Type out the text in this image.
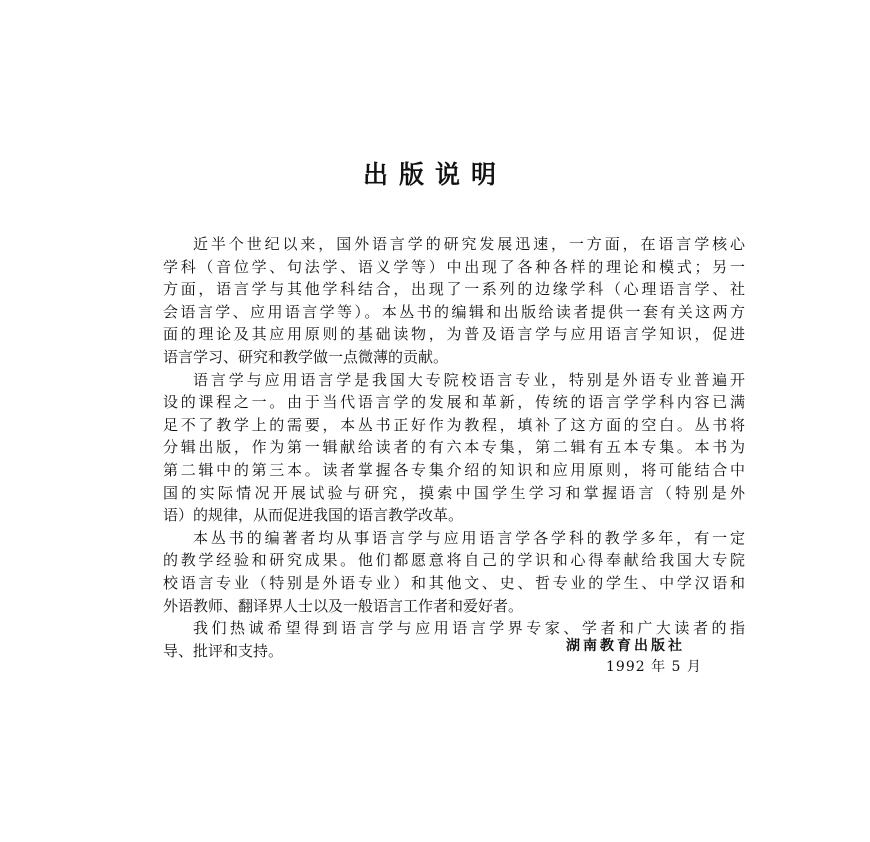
出版说明
近半个世纪以来，国外语言学的研究发展迅速，一方面，在语言学核心
学科（音位学、句法学、语义学等）中出现了各种各样的理论和模式；另一
方面，语言学与其他学科结合，出现了一系列的边缘学科（心理语言学、社
会语言学、应用语言学等）。本丛书的编辑和出版给读者提供一套有关这两方
面的理论及其应用原则的基础读物，为普及语言学与应用语言学知识，促进
语言学习、研究和教学做一点微薄的贡献。
语言学与应用语言学是我国大专院校语言专业，特别是外语专业普遍开
设的课程之一。由于当代语言学的发展和革新，传统的语言学学科内容已满
足不了教学上的需要，本丛书正好作为教程，填补了这方面的空白。丛书将
分辑出版，作为第一辑献给读者的有六本专集，第二辑有五本专集。本书为
第二辑中的第三本。读者掌握各专集介绍的知识和应用原则，将可能结合中
国的实际情况开展试验与研究，摸索中国学生学习和掌握语言（特别是外
语）的规律，从而促进我国的语言教学改革。
本丛书的编著者均从事语言学与应用语言学各学科的教学多年，有一定
的教学经验和研究成果。他们都愿意将自己的学识和心得奉献给我国大专院
校语言专业（特别是外语专业）和其他文、史、哲专业的学生、中学汉语和
外语教师、翻译界人士以及一般语言工作者和爱好者。
我们热诚希望得到语言学与应用语言学界专家、学者和广大读者的指
导、批评和支持。	湖南教育出版社
1992 年 5 月
